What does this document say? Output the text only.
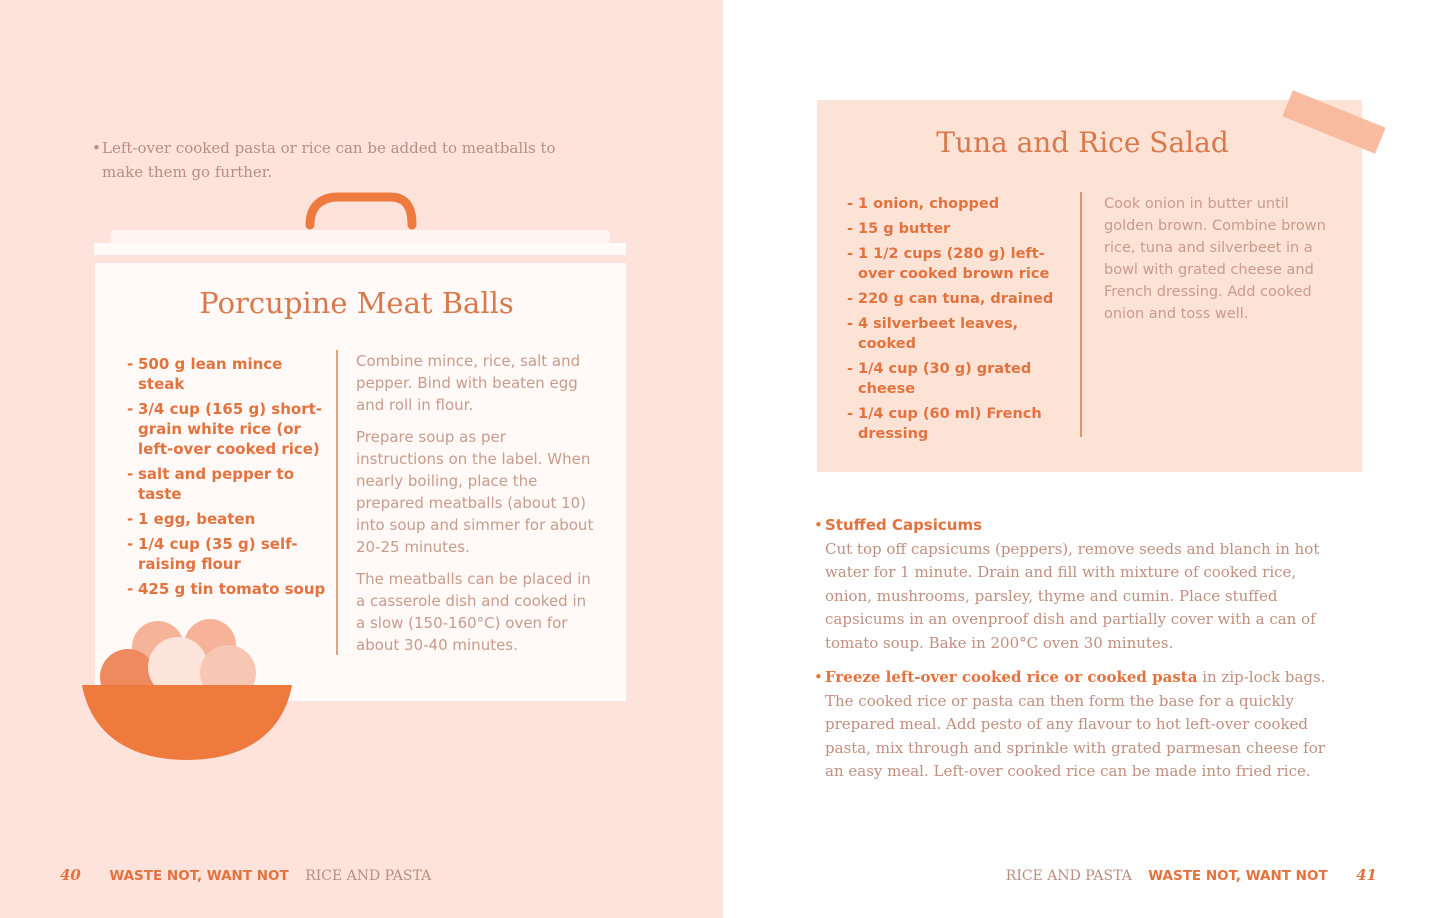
• Left-over cooked pasta or rice can be added to meatballs to make them go further.
Porcupine Meat Balls
- 500 g lean mince steak
- 3/4 cup (165 g) short-grain white rice (or left-over cooked rice)
- salt and pepper to taste
- 1 egg, beaten
- 1/4 cup (35 g) self-raising flour
- 425 g tin tomato soup

Combine mince, rice, salt and pepper. Bind with beaten egg and roll in flour.

Prepare soup as per instructions on the label. When nearly boiling, place the prepared meatballs (about 10) into soup and simmer for about 20-25 minutes.

The meatballs can be placed in a casserole dish and cooked in a slow (150-160°C) oven for about 30-40 minutes.

40 WASTE NOT, WANT NOT RICE AND PASTA
Tuna and Rice Salad
- 1 onion, chopped
- 15 g butter
- 1 1/2 cups (280 g) left-over cooked brown rice
- 220 g can tuna, drained
- 4 silverbeet leaves, cooked
- 1/4 cup (30 g) grated cheese
- 1/4 cup (60 ml) French dressing

Cook onion in butter until golden brown. Combine brown rice, tuna and silverbeet in a bowl with grated cheese and French dressing. Add cooked onion and toss well.

• Stuffed Capsicums
Cut top off capsicums (peppers), remove seeds and blanch in hot water for 1 minute. Drain and fill with mixture of cooked rice, onion, mushrooms, parsley, thyme and cumin. Place stuffed capsicums in an ovenproof dish and partially cover with a can of tomato soup. Bake in 200°C oven 30 minutes.
• Freeze left-over cooked rice or cooked pasta in zip-lock bags. The cooked rice or pasta can then form the base for a quickly prepared meal. Add pesto of any flavour to hot left-over cooked pasta, mix through and sprinkle with grated parmesan cheese for an easy meal. Left-over cooked rice can be made into fried rice.
RICE AND PASTA WASTE NOT, WANT NOT 41
